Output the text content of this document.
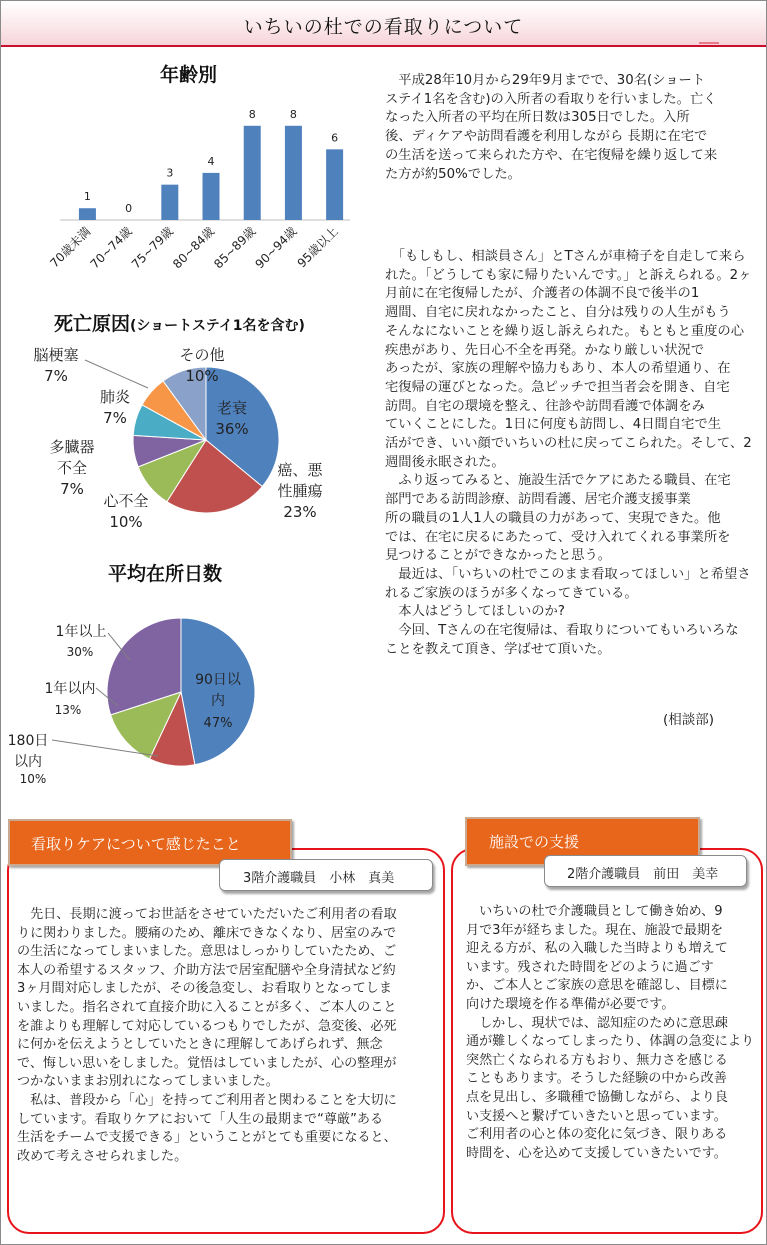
いちいの杜での看取りについて
年齢別
1
70歳未満
0
70~74歳
3
75~79歳
4
80~84歳
8
85~89歳
8
90~94歳
6
95歳以上
死亡原因(ショートステイ1名を含む)
老衰
36%
癌、悪
性腫瘍
23%
心不全
10%
多臓器
不全
7%
肺炎
7%
脳梗塞
7%
その他
10%
平均在所日数
90日以
内
47%
180日
以内
10%
1年以内
13%
1年以上
30%

　平成28年10月から29年9月までで、30名(ショート
ステイ1名を含む)の入所者の看取りを行いました。亡く
なった入所者の平均在所日数は305日でした。入所
後、ディケアや訪問看護を利用しながら 長期に在宅で
の生活を送って来られた方や、在宅復帰を繰り返して来
た方が約50%でした。

　「もしもし、相談員さん」とTさんが車椅子を自走して来ら
れた。「どうしても家に帰りたいんです。」と訴えられる。2ヶ
月前に在宅復帰したが、介護者の体調不良で後半の1
週間、自宅に戻れなかったこと、自分は残りの人生がもう
そんなにないことを繰り返し訴えられた。もともと重度の心
疾患があり、先日心不全を再発。かなり厳しい状況で
あったが、家族の理解や協力もあり、本人の希望通り、在
宅復帰の運びとなった。急ピッチで担当者会を開き、自宅
訪問。自宅の環境を整え、往診や訪問看護で体調をみ
ていくことにした。1日に何度も訪問し、4日間自宅で生
活ができ、いい顔でいちいの杜に戻ってこられた。そして、2
週間後永眠された。
　ふり返ってみると、施設生活でケアにあたる職員、在宅
部門である訪問診療、訪問看護、居宅介護支援事業
所の職員の1人1人の職員の力があって、実現できた。他
では、在宅に戻るにあたって、受け入れてくれる事業所を
見つけることができなかったと思う。
　最近は、「いちいの杜でこのまま看取ってほしい」と希望さ
れるご家族のほうが多くなってきている。
　本人はどうしてほしいのか?
　今回、Tさんの在宅復帰は、看取りについてもいろいろな
ことを教えて頂き、学ばせて頂いた。

(相談部)
看取りケアについて感じたこと
3階介護職員　小林　真美

　先日、長期に渡ってお世話をさせていただいたご利用者の看取
りに関わりました。腰痛のため、離床できなくなり、居室のみで
の生活になってしまいました。意思はしっかりしていたため、ご
本人の希望するスタッフ、介助方法で居室配膳や全身清拭など約
3ヶ月間対応しましたが、その後急変し、お看取りとなってしま
いました。指名されて直接介助に入ることが多く、ご本人のこと
を誰よりも理解して対応しているつもりでしたが、急変後、必死
に何かを伝えようとしていたときに理解してあげられず、無念
で、悔しい思いをしました。覚悟はしていましたが、心の整理が
つかないままお別れになってしまいました。
　私は、普段から「心」を持ってご利用者と関わることを大切に
しています。看取りケアにおいて「人生の最期まで“尊厳”ある
生活をチームで支援できる」ということがとても重要になると、
改めて考えさせられました。

施設での支援
2階介護職員　前田　美幸

　いちいの杜で介護職員として働き始め、9
月で3年が経ちました。現在、施設で最期を
迎える方が、私の入職した当時よりも増えて
います。残された時間をどのように過ごす
か、ご本人とご家族の意思を確認し、目標に
向けた環境を作る準備が必要です。
　しかし、現状では、認知症のために意思疎
通が難しくなってしまったり、体調の急変により
突然亡くなられる方もおり、無力さを感じる
こともあります。そうした経験の中から改善
点を見出し、多職種で協働しながら、より良
い支援へと繋げていきたいと思っています。
ご利用者の心と体の変化に気づき、限りある
時間を、心を込めて支援していきたいです。
